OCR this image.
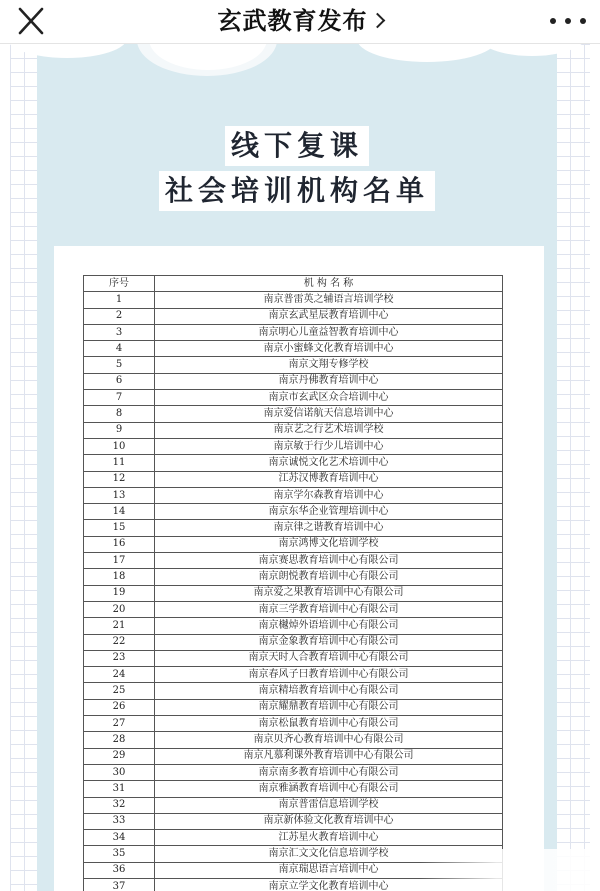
玄武教育发布
线下复课
社会培训机构名单
序号	机 构 名 称
1	南京普雷英之辅语言培训学校
2	南京玄武星辰教育培训中心
3	南京明心儿童益智教育培训中心
4	南京小蜜蜂文化教育培训中心
5	南京文翔专修学校
6	南京丹佛教育培训中心
7	南京市玄武区众合培训中心
8	南京爱信诺航天信息培训中心
9	南京艺之行艺术培训学校
10	南京敏于行少儿培训中心
11	南京诚悦文化艺术培训中心
12	江苏汉博教育培训中心
13	南京学尔森教育培训中心
14	南京东华企业管理培训中心
15	南京律之谐教育培训中心
16	南京鸿博文化培训学校
17	南京赛思教育培训中心有限公司
18	南京朗悦教育培训中心有限公司
19	南京爱之果教育培训中心有限公司
20	南京三学教育培训中心有限公司
21	南京樾焯外语培训中心有限公司
22	南京金象教育培训中心有限公司
23	南京天时人合教育培训中心有限公司
24	南京春风子曰教育培训中心有限公司
25	南京精培教育培训中心有限公司
26	南京耀鼎教育培训中心有限公司
27	南京松鼠教育培训中心有限公司
28	南京贝齐心教育培训中心有限公司
29	南京凡慕利课外教育培训中心有限公司
30	南京南多教育培训中心有限公司
31	南京雅涵教育培训中心有限公司
32	南京普雷信息培训学校
33	南京新体验文化教育培训中心
34	江苏星火教育培训中心
35	南京汇文文化信息培训学校
36	南京瑞思语言培训中心
37	南京立学文化教育培训中心
